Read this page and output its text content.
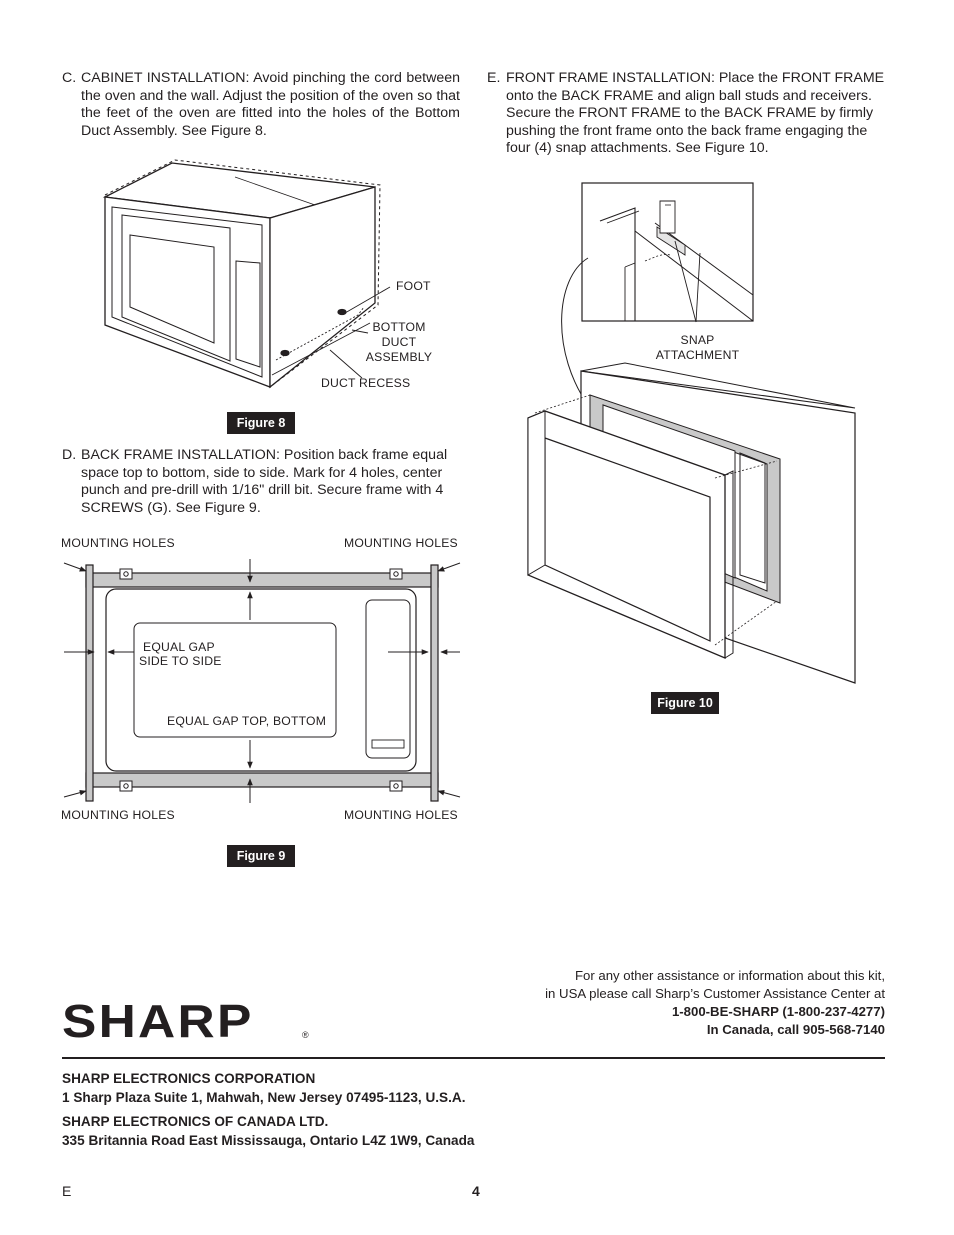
C. CABINET INSTALLATION: Avoid pinching the cord between the oven and the wall. Adjust the position of the oven so that the feet of the oven are fitted into the holes of the Bottom Duct Assembly. See Figure 8.
FOOT
BOTTOM
DUCT
ASSEMBLY
DUCT RECESS
Figure 8
D. BACK FRAME INSTALLATION: Position back frame equal space top to bottom, side to side. Mark for 4 holes, center punch and pre-drill with 1/16" drill bit. Secure frame with 4 SCREWS (G). See Figure 9.
MOUNTING HOLES	MOUNTING HOLES
MOUNTING HOLES	MOUNTING HOLES
EQUAL GAP
SIDE TO SIDE
EQUAL GAP TOP, BOTTOM
Figure 9
E. FRONT FRAME INSTALLATION: Place the FRONT FRAME onto the BACK FRAME and align ball studs and receivers. Secure the FRONT FRAME to the BACK FRAME by firmly pushing the front frame onto the back frame engaging the four (4) snap attachments. See Figure 10.
SNAP
ATTACHMENT
Figure 10
For any other assistance or information about this kit,
in USA please call Sharp’s Customer Assistance Center at
1-800-BE-SHARP (1-800-237-4277)
In Canada, call 905-568-7140
SHARP	®
SHARP ELECTRONICS CORPORATION
1 Sharp Plaza Suite 1, Mahwah, New Jersey 07495-1123, U.S.A.
SHARP ELECTRONICS OF CANADA LTD.
335 Britannia Road East Mississauga, Ontario L4Z 1W9, Canada
E	4
